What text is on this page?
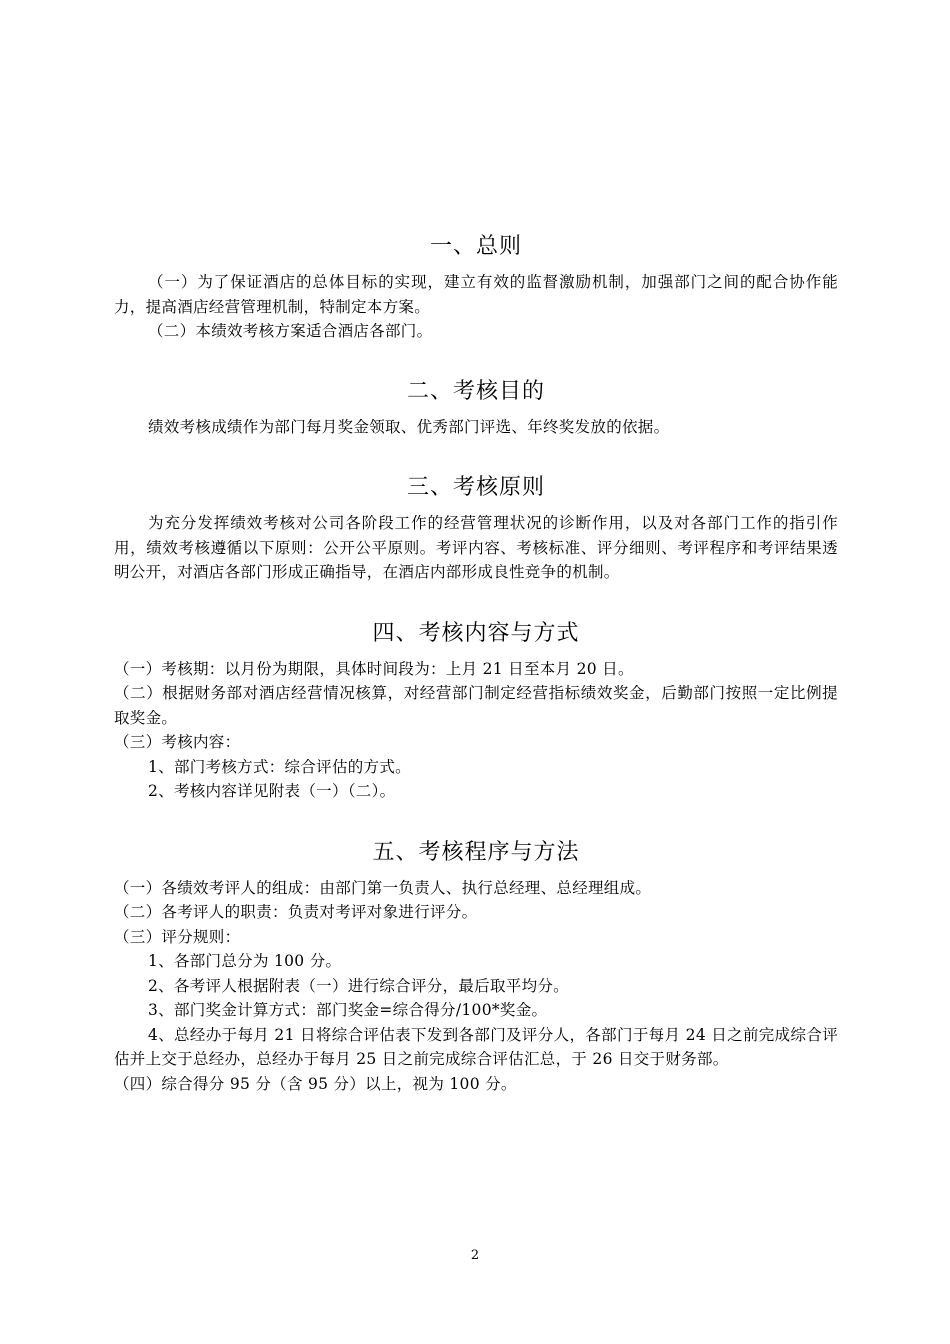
一、总则

（一）为了保证酒店的总体目标的实现，建立有效的监督激励机制，加强部门之间的配合协作能力，提高酒店经营管理机制，特制定本方案。

（二）本绩效考核方案适合酒店各部门。

二、考核目的

绩效考核成绩作为部门每月奖金领取、优秀部门评选、年终奖发放的依据。

三、考核原则

为充分发挥绩效考核对公司各阶段工作的经营管理状况的诊断作用，以及对各部门工作的指引作用，绩效考核遵循以下原则：公开公平原则。考评内容、考核标准、评分细则、考评程序和考评结果透明公开，对酒店各部门形成正确指导，在酒店内部形成良性竞争的机制。

四、考核内容与方式

（一）考核期：以月份为期限，具体时间段为：上月 21 日至本月 20 日。

（二）根据财务部对酒店经营情况核算，对经营部门制定经营指标绩效奖金，后勤部门按照一定比例提取奖金。

（三）考核内容：

1、部门考核方式：综合评估的方式。

2、考核内容详见附表（一）（二）。

五、考核程序与方法

（一）各绩效考评人的组成：由部门第一负责人、执行总经理、总经理组成。

（二）各考评人的职责：负责对考评对象进行评分。

（三）评分规则：

1、各部门总分为 100 分。

2、各考评人根据附表（一）进行综合评分，最后取平均分。

3、部门奖金计算方式：部门奖金=综合得分/100*奖金。

4、总经办于每月 21 日将综合评估表下发到各部门及评分人，各部门于每月 24 日之前完成综合评估并上交于总经办，总经办于每月 25 日之前完成综合评估汇总，于 26 日交于财务部。

（四）综合得分 95 分（含 95 分）以上，视为 100 分。

2
